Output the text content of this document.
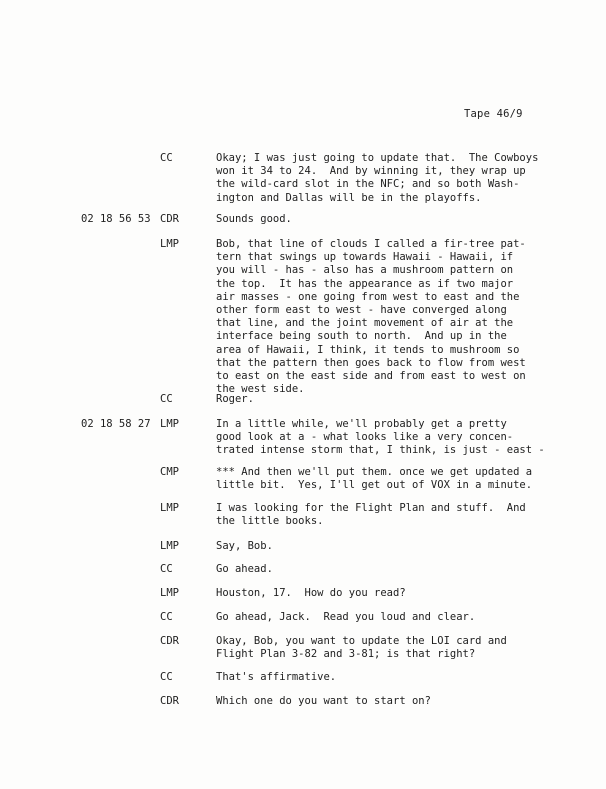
Tape 46/9
CC	Okay; I was just going to update that.  The Cowboys
won it 34 to 24.  And by winning it, they wrap up
the wild-card slot in the NFC; and so both Wash-
ington and Dallas will be in the playoffs.
02 18 56 53 CDR	Sounds good.
LMP	Bob, that line of clouds I called a fir-tree pat-
tern that swings up towards Hawaii - Hawaii, if
you will - has - also has a mushroom pattern on
the top.  It has the appearance as if two major
air masses - one going from west to east and the
other form east to west - have converged along
that line, and the joint movement of air at the
interface being south to north.  And up in the
area of Hawaii, I think, it tends to mushroom so
that the pattern then goes back to flow from west
to east on the east side and from east to west on
the west side.
CC	Roger.
02 18 58 27 LMP	In a little while, we'll probably get a pretty
good look at a - what looks like a very concen-
trated intense storm that, I think, is just - east -
CMP	*** And then we'll put them. once we get updated a
little bit.  Yes, I'll get out of VOX in a minute.
LMP	I was looking for the Flight Plan and stuff.  And
the little books.
LMP	Say, Bob.
CC	Go ahead.
LMP	Houston, 17.  How do you read?
CC	Go ahead, Jack.  Read you loud and clear.
CDR	Okay, Bob, you want to update the LOI card and
Flight Plan 3-82 and 3-81; is that right?
CC	That's affirmative.
CDR	Which one do you want to start on?
